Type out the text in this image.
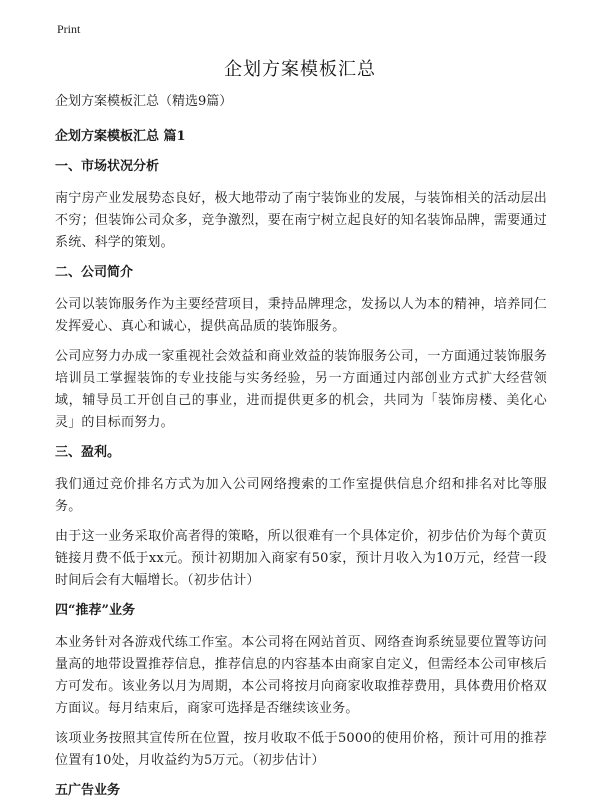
Print
企划方案模板汇总
企划方案模板汇总（精选9篇）
企划方案模板汇总 篇1
一、市场状况分析
南宁房产业发展势态良好，极大地带动了南宁装饰业的发展，与装饰相关的活动层出不穷；但装饰公司众多，竞争激烈，要在南宁树立起良好的知名装饰品牌，需要通过系统、科学的策划。
二、公司简介
公司以装饰服务作为主要经营项目，秉持品牌理念，发扬以人为本的精神，培养同仁发挥爱心、真心和诚心，提供高品质的装饰服务。
公司应努力办成一家重视社会效益和商业效益的装饰服务公司，一方面通过装饰服务培训员工掌握装饰的专业技能与实务经验，另一方面通过内部创业方式扩大经营领域，辅导员工开创自己的事业，进而提供更多的机会，共同为「装饰房楼、美化心灵」的目标而努力。
三、盈利。
我们通过竞价排名方式为加入公司网络搜索的工作室提供信息介绍和排名对比等服务。
由于这一业务采取价高者得的策略，所以很难有一个具体定价，初步估价为每个黄页链接月费不低于xx元。预计初期加入商家有50家，预计月收入为10万元，经营一段时间后会有大幅增长。（初步估计）
四“推荐”业务
本业务针对各游戏代练工作室。本公司将在网站首页、网络查询系统显要位置等访问量高的地带设置推荐信息，推荐信息的内容基本由商家自定义，但需经本公司审核后方可发布。该业务以月为周期，本公司将按月向商家收取推荐费用，具体费用价格双方面议。每月结束后，商家可选择是否继续该业务。
该项业务按照其宣传所在位置，按月收取不低于5000的使用价格，预计可用的推荐位置有10处，月收益约为5万元。（初步估计）
五广告业务
